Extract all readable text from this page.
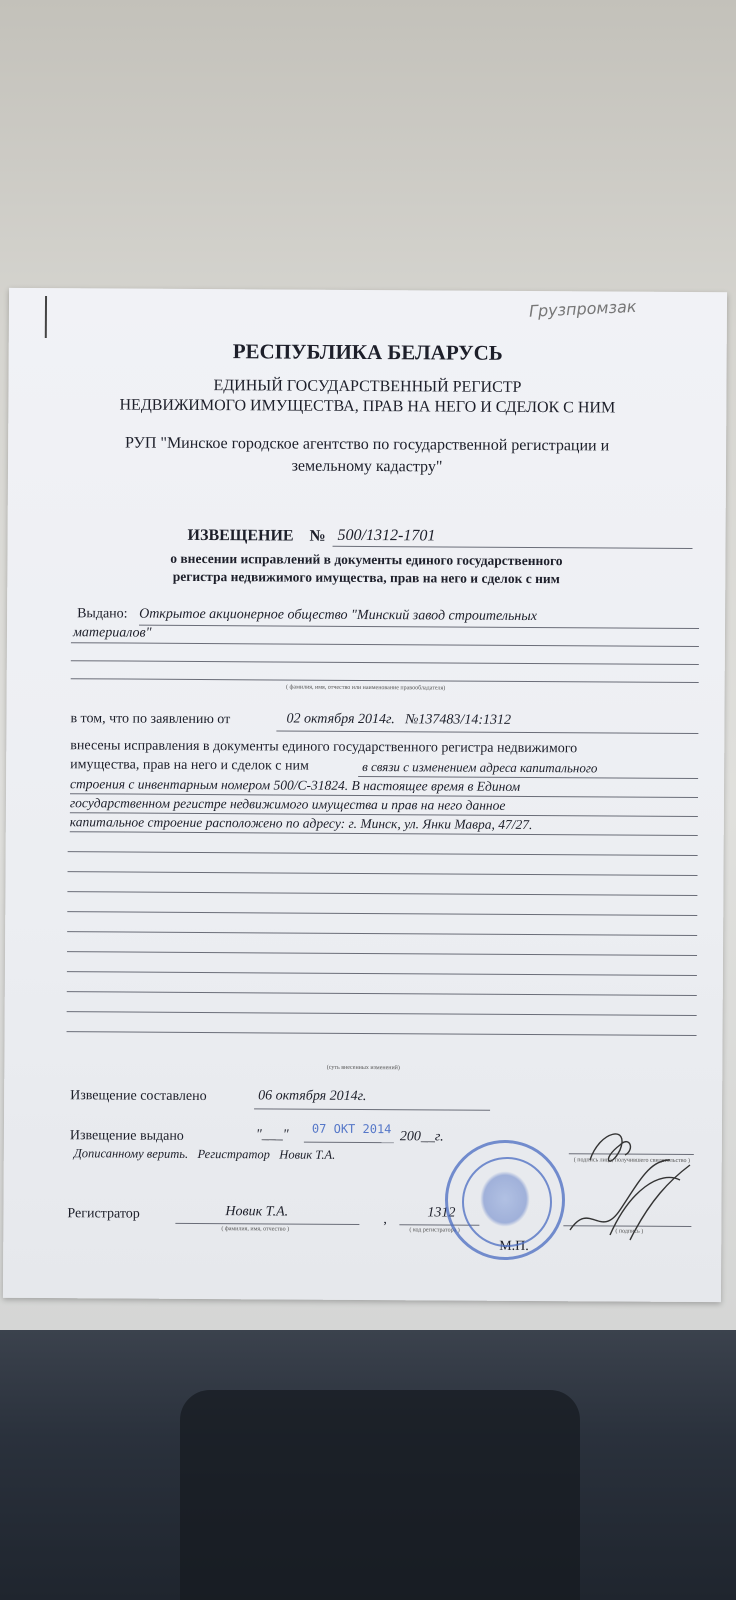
Грузпромзак
РЕСПУБЛИКА БЕЛАРУСЬ
ЕДИНЫЙ ГОСУДАРСТВЕННЫЙ РЕГИСТР
НЕДВИЖИМОГО ИМУЩЕСТВА, ПРАВ НА НЕГО И СДЕЛОК С НИМ
РУП "Минское городское агентство по государственной регистрации и
земельному кадастру"
ИЗВЕЩЕНИЕ № 500/1312-1701
о внесении исправлений в документы единого государственного
регистра недвижимого имущества, прав на него и сделок с ним
Выдано: Открытое акционерное общество "Минский завод строительных
материалов"
( фамилия, имя, отчество или наименование правообладателя)
в том, что по заявлению от	02 октября 2014г.   №137483/14:1312
внесены исправления в документы единого государственного регистра недвижимого
имущества, прав на него и сделок с ним	в связи с изменением адреса капитального
строения с инвентарным номером 500/С-31824. В настоящее время в Едином
государственном регистре недвижимого имущества и прав на него данное
капитальное строение расположено по адресу: г. Минск, ул. Янки Мавра, 47/27.
(суть внесенных изменений)
Извещение составлено	06 октября 2014г.
Извещение выдано	"___" 07 OKT 2014
200__г.
Дописанному верить.   Регистратор   Новик Т.А.	( подпись лица, получившего свидетельство )
Регистратор	Новик Т.А.
( фамилия, имя, отчество )
,	1312
( код регистратора )	( подпись )
М.П.
